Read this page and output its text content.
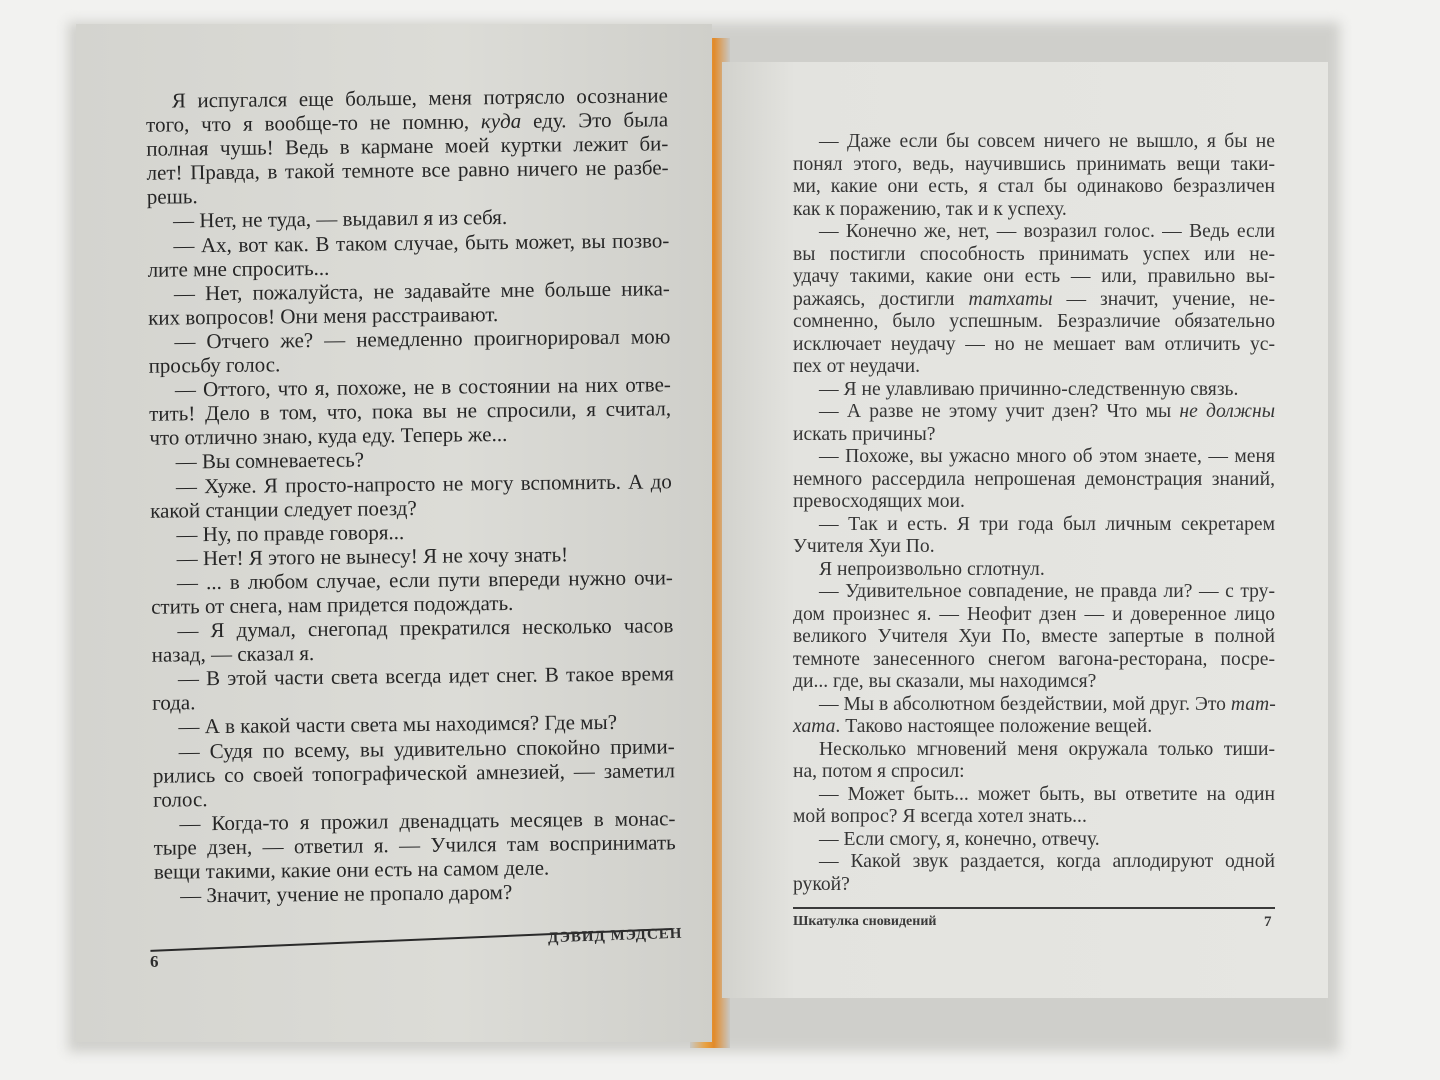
Я испугался еще больше, меня потрясло осознание
того, что я вообще-то не помню, куда еду. Это была
полная чушь! Ведь в кармане моей куртки лежит би-
лет! Правда, в такой темноте все равно ничего не разбе-
решь.
— Нет, не туда, — выдавил я из себя.
— Ах, вот как. В таком случае, быть может, вы позво-
лите мне спросить...
— Нет, пожалуйста, не задавайте мне больше ника-
ких вопросов! Они меня расстраивают.
— Отчего же? — немедленно проигнорировал мою
просьбу голос.
— Оттого, что я, похоже, не в состоянии на них отве-
тить! Дело в том, что, пока вы не спросили, я считал,
что отлично знаю, куда еду. Теперь же...
— Вы сомневаетесь?
— Хуже. Я просто-напросто не могу вспомнить. А до
какой станции следует поезд?
— Ну, по правде говоря...
— Нет! Я этого не вынесу! Я не хочу знать!
— ... в любом случае, если пути впереди нужно очи-
стить от снега, нам придется подождать.
— Я думал, снегопад прекратился несколько часов
назад, — сказал я.
— В этой части света всегда идет снег. В такое время
года.
— А в какой части света мы находимся? Где мы?
— Судя по всему, вы удивительно спокойно прими-
рились со своей топографической амнезией, — заметил
голос.
— Когда-то я прожил двенадцать месяцев в монас-
тыре дзен, — ответил я. — Учился там воспринимать
вещи такими, какие они есть на самом деле.
— Значит, учение не пропало даром?
— Даже если бы совсем ничего не вышло, я бы не
понял этого, ведь, научившись принимать вещи таки-
ми, какие они есть, я стал бы одинаково безразличен
как к поражению, так и к успеху.
— Конечно же, нет, — возразил голос. — Ведь если
вы постигли способность принимать успех или не-
удачу такими, какие они есть — или, правильно вы-
ражаясь, достигли татхаты — значит, учение, не-
сомненно, было успешным. Безразличие обязательно
исключает неудачу — но не мешает вам отличить ус-
пех от неудачи.
— Я не улавливаю причинно-следственную связь.
— А разве не этому учит дзен? Что мы не должны
искать причины?
— Похоже, вы ужасно много об этом знаете, — меня
немного рассердила непрошеная демонстрация знаний,
превосходящих мои.
— Так и есть. Я три года был личным секретарем
Учителя Хуи По.
Я непроизвольно сглотнул.
— Удивительное совпадение, не правда ли? — с тру-
дом произнес я. — Неофит дзен — и доверенное лицо
великого Учителя Хуи По, вместе запертые в полной
темноте занесенного снегом вагона-ресторана, посре-
ди... где, вы сказали, мы находимся?
— Мы в абсолютном бездействии, мой друг. Это тат-
хата. Таково настоящее положение вещей.
Несколько мгновений меня окружала только тиши-
на, потом я спросил:
— Может быть... может быть, вы ответите на один
мой вопрос? Я всегда хотел знать...
— Если смогу, я, конечно, отвечу.
— Какой звук раздается, когда аплодируют одной
рукой?
ДЭВИД МЭДСЕН
6
Шкатулка сновидений	7
